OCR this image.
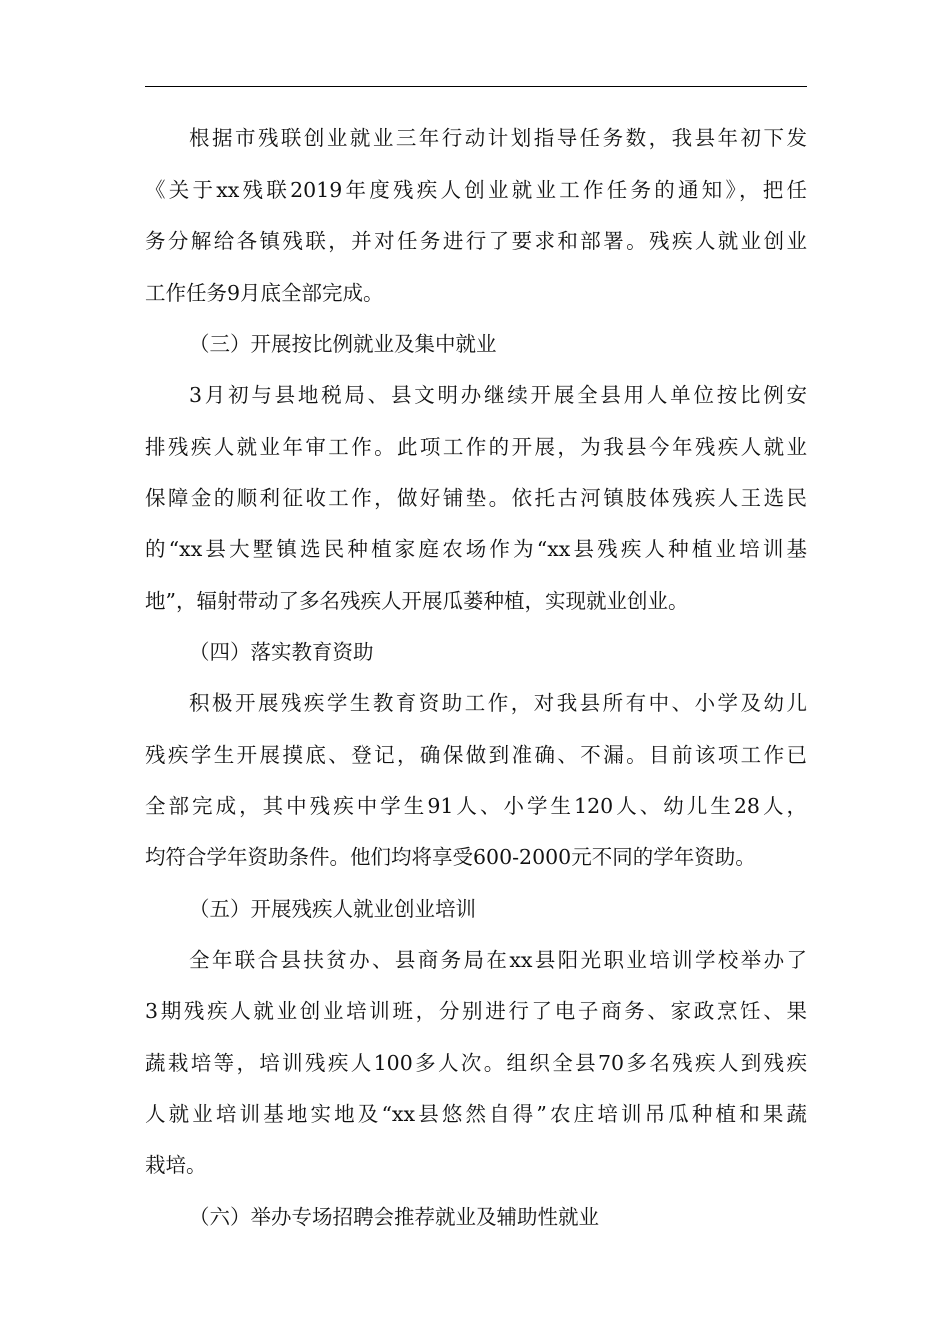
根据市残联创业就业三年行动计划指导任务数，我县年初下发
《关于xx残联2019年度残疾人创业就业工作任务的通知》，把任
务分解给各镇残联，并对任务进行了要求和部署。残疾人就业创业
工作任务9月底全部完成。
（三）开展按比例就业及集中就业
3月初与县地税局、县文明办继续开展全县用人单位按比例安
排残疾人就业年审工作。此项工作的开展，为我县今年残疾人就业
保障金的顺利征收工作，做好铺垫。依托古河镇肢体残疾人王选民
的“xx县大墅镇选民种植家庭农场作为“xx县残疾人种植业培训基
地”，辐射带动了多名残疾人开展瓜蒌种植，实现就业创业。
（四）落实教育资助
积极开展残疾学生教育资助工作，对我县所有中、小学及幼儿
残疾学生开展摸底、登记，确保做到准确、不漏。目前该项工作已
全部完成，其中残疾中学生91人、小学生120人、幼儿生28人，
均符合学年资助条件。他们均将享受600-2000元不同的学年资助。
（五）开展残疾人就业创业培训
全年联合县扶贫办、县商务局在xx县阳光职业培训学校举办了
3期残疾人就业创业培训班，分别进行了电子商务、家政烹饪、果
蔬栽培等，培训残疾人100多人次。组织全县70多名残疾人到残疾
人就业培训基地实地及“xx县悠然自得”农庄培训吊瓜种植和果蔬
栽培。
（六）举办专场招聘会推荐就业及辅助性就业
